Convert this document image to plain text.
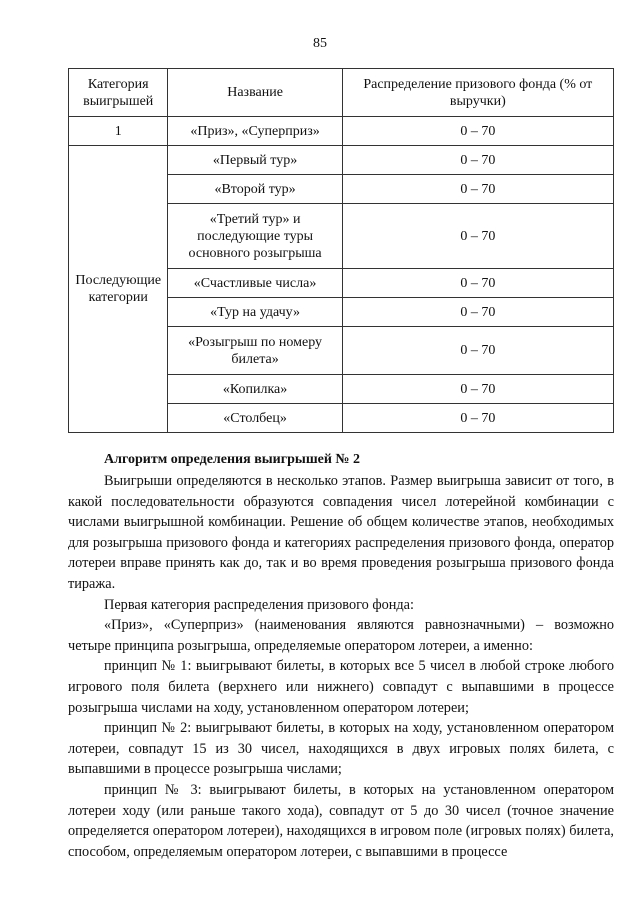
85
Категория выигрышей	Название	Распределение призового фонда (% от выручки)
1	«Приз», «Суперприз»	0 – 70
Последующие категории	«Первый тур»	0 – 70
	«Второй тур»	0 – 70
	«Третий тур» и последующие туры основного розыгрыша	0 – 70
	«Счастливые числа»	0 – 70
	«Тур на удачу»	0 – 70
	«Розыгрыш по номеру билета»	0 – 70
	«Копилка»	0 – 70
	«Столбец»	0 – 70
Алгоритм определения выигрышей № 2

Выигрыши определяются в несколько этапов. Размер выигрыша зависит от того, в какой последовательности образуются совпадения чисел лотерейной комбинации с числами выигрышной комбинации. Решение об общем количестве этапов, необходимых для розыгрыша призового фонда и категориях распределения призового фонда, оператор лотереи вправе принять как до, так и во время проведения розыгрыша призового фонда тиража.

Первая категория распределения призового фонда:

«Приз», «Суперприз» (наименования являются равнозначными) – возможно четыре принципа розыгрыша, определяемые оператором лотереи, а именно:

принцип № 1: выигрывают билеты, в которых все 5 чисел в любой строке любого игрового поля билета (верхнего или нижнего) совпадут с выпавшими в процессе розыгрыша числами на ходу, установленном оператором лотереи;

принцип № 2: выигрывают билеты, в которых на ходу, установленном оператором лотереи, совпадут 15 из 30 чисел, находящихся в двух игровых полях билета, с выпавшими в процессе розыгрыша числами;

принцип № 3: выигрывают билеты, в которых на установленном оператором лотереи ходу (или раньше такого хода), совпадут от 5 до 30 чисел (точное значение определяется оператором лотереи), находящихся в игровом поле (игровых полях) билета, способом, определяемым оператором лотереи, с выпавшими в процессе
